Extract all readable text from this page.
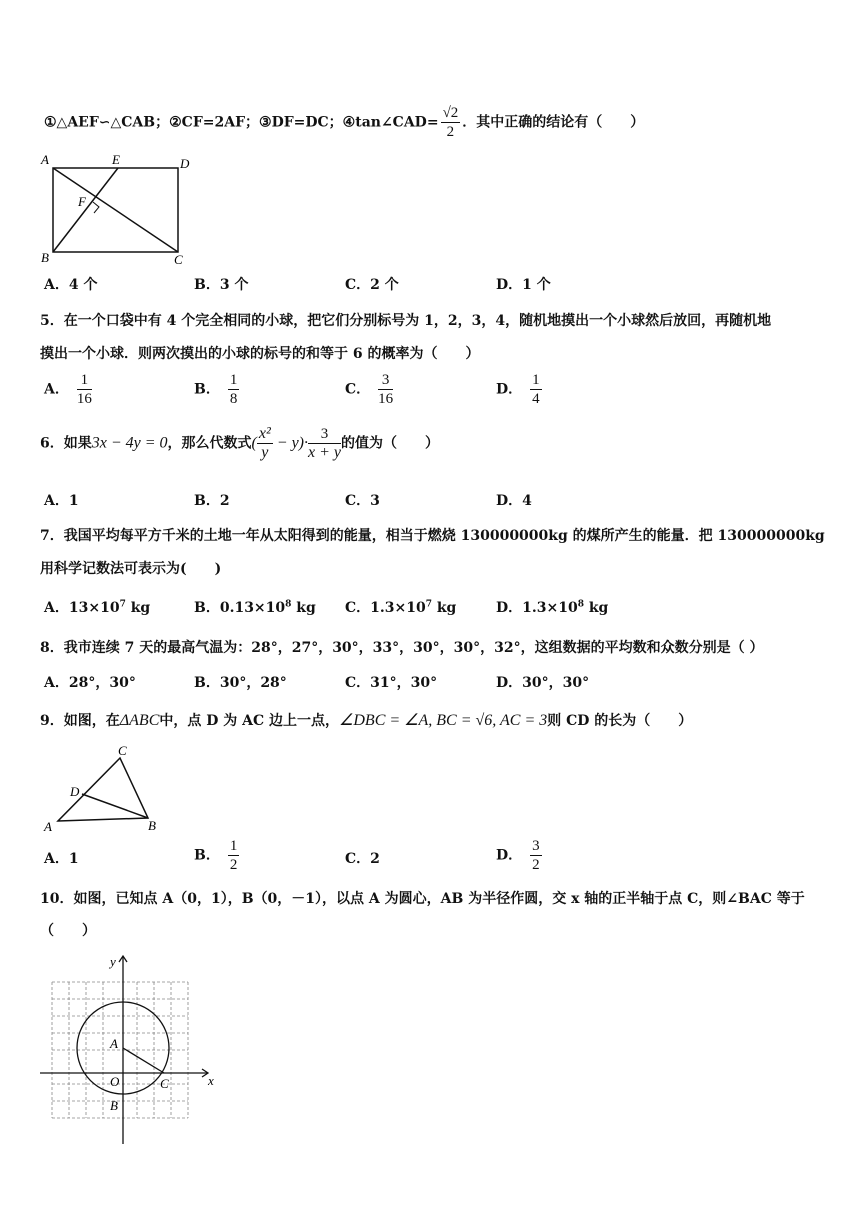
①△AEF∽△CAB；②CF=2AF；③DF=DC；④tan∠CAD= $\frac{√2}{2}$ ．其中正确的结论有（　　）
A	E	D
F
B	C
A．4 个	B．3 个	C．2 个	D．1 个
5．在一个口袋中有 4 个完全相同的小球，把它们分别标号为 1，2，3，4，随机地摸出一个小球然后放回，再随机地
摸出一个小球．则两次摸出的小球的标号的和等于 6 的概率为（　　）
A． $\frac{1}{16}$	B． $\frac{1}{8}$	C． $\frac{3}{16}$	D． $\frac{1}{4}$
6．如果3x − 4y = 0，那么代数式( $\frac{\text{x²}}{y} - y)\cdot \frac{3}{x + y}$ 的值为（　　）
A．1	B．2	C．3	D．4
7．我国平均每平方千米的土地一年从太阳得到的能量，相当于燃烧 130000000kg 的煤所产生的能量．把 130000000kg
用科学记数法可表示为(　　)
A．$13\times 10^7$ kg	B．$0.13\times 10^8$ kg C．$1.3\times 10^7$ kg	D．$1.3\times 10^8$ kg
8．我市连续 7 天的最高气温为：28°，27°，30°，33°，30°，30°，32°，这组数据的平均数和众数分别是（ ）
A．28°，30°	B．30°，28°	C．31°，30°	D．30°，30°
9．如图，在ΔABC中，点 D 为 AC 边上一点，∠DBC = ∠A, BC = √6, AC = 3则 CD 的长为（　　）
C
D
A	B
A．1	B． $\frac{1}{2}$	C．2	D． $\frac{3}{2}$
10．如图，已知点 A（0，1），B（0，－1），以点 A 为圆心，AB 为半径作圆，交 x 轴的正半轴于点 C，则∠BAC 等于
（　　）
y
x
A
O
B
C
